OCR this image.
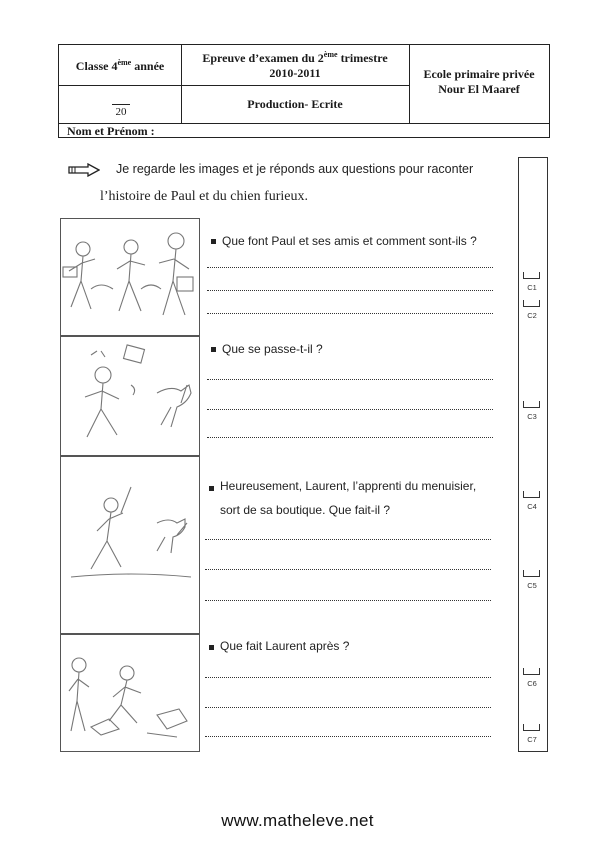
Classe 4ème année
Epreuve d’examen du 2ème trimestre
2010-2011	Ecole primaire privée
Nour El Maaref
Production- Ecrite
Nom et Prénom :
20
Je regarde les images et je réponds aux questions pour raconter
l’histoire de Paul et du chien furieux.
Que font Paul et ses amis et comment sont-ils ?
Que se passe-t-il ?
Heureusement, Laurent, l’apprenti du menuisier,
sort de sa boutique. Que fait-il ?
Que fait Laurent après ?
C1
C2
C3
C4
C5
C6
C7
www.matheleve.net
